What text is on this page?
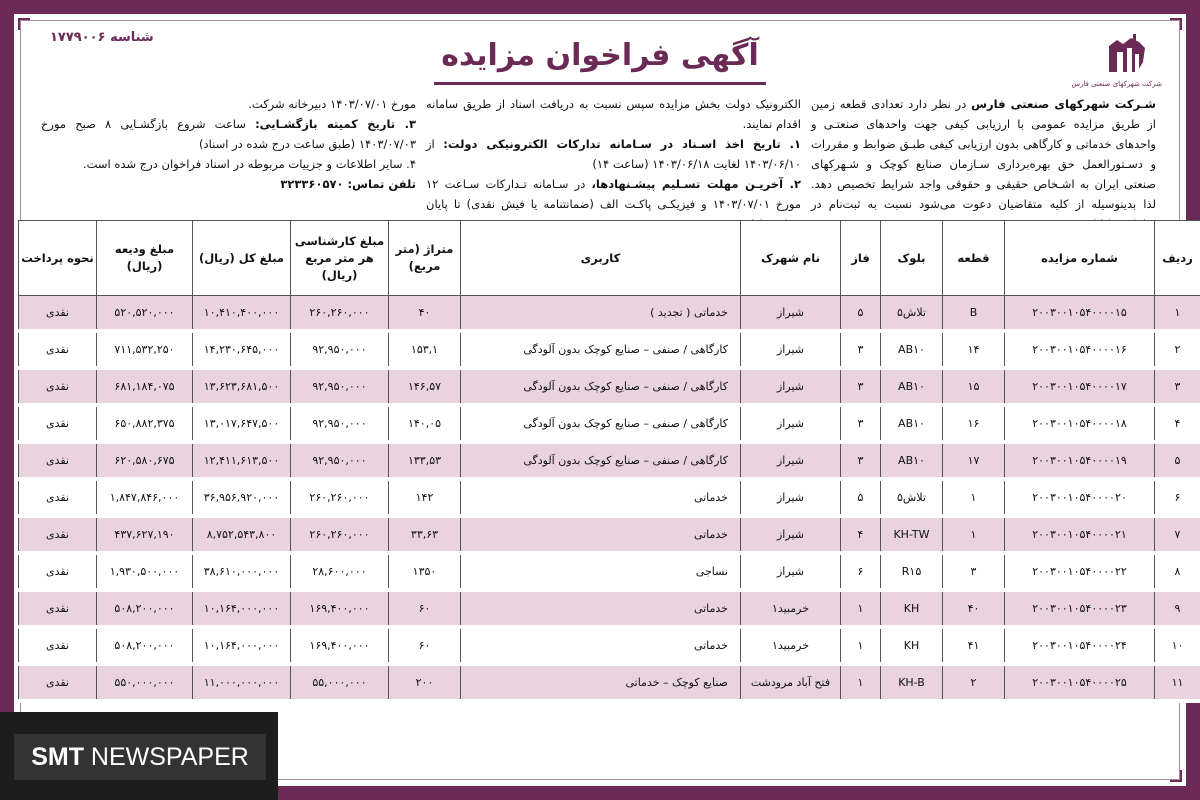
شرکت شهرکهای صنعتی فارس
شناسه ۱۷۷۹۰۰۶
آگهی فراخوان مزایده
شـرکت شهرکهای صنعتی فارس در نظر دارد تعدادی قطعه زمین از طریق مزایده عمومی با ارزیابی کیفی جهت واحدهای صنعتـی و واحدهای خدماتی و کارگاهی بدون ارزیابی کیفی طبـق ضوابط و مقررات و دسـتورالعمل حق بهره‌برداری سـازمان صنایع کوچک و شـهرکهای صنعتی ایران به اشـخاص حقیقی و حقوقی واجد شرایط تخصیص دهد. لذا بدینوسیله از کلیه متقاضیان دعوت می‌شود نسبت به ثبت‌نام در
الکترونیک دولت بخش مزایده سپس نسبت به دریافت اسناد از طریق سامانه اقدام نمایند.
۱. تاریخ اخذ اسـناد در سـامانه تدارکات الکترونیکی دولت: از ۱۴۰۳/۰۶/۱۰ لغایت ۱۴۰۳/۰۶/۱۸ (ساعت ۱۴)
۲. آخریـن مهلت تسـلیم پیشـنهادها، در سـامانه تـدارکات سـاعت ۱۲ مورخ ۱۴۰۳/۰۷/۰۱ و فیزیکـی پاکـت الف (ضمانتنامه یا فیش نقدی) تا پایان
مورخ ۱۴۰۳/۰۷/۰۱ دبیرخانه شرکت.
۳. تاریخ کمیته بازگشـایی: ساعت شروع بازگشـایی ۸ صبح مورخ ۱۴۰۳/۰۷/۰۳ (طبق ساعت درج شده در اسناد)
۴. سایر اطلاعات و جزییات مربوطه در اسناد فراخوان درج شده است.
تلفن تماس: ۳۲۳۳۶۰۵۷۰
ردیف	شماره مزایده	قطعه	بلوک	فاز	نام شهرک	کاربری	متراژ (متر مربع)	مبلغ کارشناسی هر متر مربع (ریال)	مبلغ کل (ریال)	مبلغ ودیعه (ریال)	نحوه پرداخت
۱	۲۰۰۳۰۰۱۰۵۴۰۰۰۰۱۵	B	تلاش۵	۵	شیراز	خدماتی ( تجدید )	۴۰	۲۶۰,۲۶۰,۰۰۰	۱۰,۴۱۰,۴۰۰,۰۰۰	۵۲۰,۵۲۰,۰۰۰	نقدی
۲	۲۰۰۳۰۰۱۰۵۴۰۰۰۰۱۶	۱۴	AB۱۰	۳	شیراز	کارگاهی / صنفی – صنایع کوچک بدون آلودگی	۱۵۳,۱	۹۲,۹۵۰,۰۰۰	۱۴,۲۳۰,۶۴۵,۰۰۰	۷۱۱,۵۳۲,۲۵۰	نقدی
۳	۲۰۰۳۰۰۱۰۵۴۰۰۰۰۱۷	۱۵	AB۱۰	۳	شیراز	کارگاهی / صنفی – صنایع کوچک بدون آلودگی	۱۴۶,۵۷	۹۲,۹۵۰,۰۰۰	۱۳,۶۲۳,۶۸۱,۵۰۰	۶۸۱,۱۸۴,۰۷۵	نقدی
۴	۲۰۰۳۰۰۱۰۵۴۰۰۰۰۱۸	۱۶	AB۱۰	۳	شیراز	کارگاهی / صنفی – صنایع کوچک بدون آلودگی	۱۴۰,۰۵	۹۲,۹۵۰,۰۰۰	۱۳,۰۱۷,۶۴۷,۵۰۰	۶۵۰,۸۸۲,۳۷۵	نقدی
۵	۲۰۰۳۰۰۱۰۵۴۰۰۰۰۱۹	۱۷	AB۱۰	۳	شیراز	کارگاهی / صنفی – صنایع کوچک بدون آلودگی	۱۳۳,۵۳	۹۲,۹۵۰,۰۰۰	۱۲,۴۱۱,۶۱۳,۵۰۰	۶۲۰,۵۸۰,۶۷۵	نقدی
۶	۲۰۰۳۰۰۱۰۵۴۰۰۰۰۲۰	۱	تلاش۵	۵	شیراز	خدماتی	۱۴۲	۲۶۰,۲۶۰,۰۰۰	۳۶,۹۵۶,۹۲۰,۰۰۰	۱,۸۴۷,۸۴۶,۰۰۰	نقدی
۷	۲۰۰۳۰۰۱۰۵۴۰۰۰۰۲۱	۱	KH-TW	۴	شیراز	خدماتی	۳۳,۶۳	۲۶۰,۲۶۰,۰۰۰	۸,۷۵۲,۵۴۳,۸۰۰	۴۳۷,۶۲۷,۱۹۰	نقدی
۸	۲۰۰۳۰۰۱۰۵۴۰۰۰۰۲۲	۳	R۱۵	۶	شیراز	نساجی	۱۳۵۰	۲۸,۶۰۰,۰۰۰	۳۸,۶۱۰,۰۰۰,۰۰۰	۱,۹۳۰,۵۰۰,۰۰۰	نقدی
۹	۲۰۰۳۰۰۱۰۵۴۰۰۰۰۲۳	۴۰	KH	۱	خرمبید۱	خدماتی	۶۰	۱۶۹,۴۰۰,۰۰۰	۱۰,۱۶۴,۰۰۰,۰۰۰	۵۰۸,۲۰۰,۰۰۰	نقدی
۱۰	۲۰۰۳۰۰۱۰۵۴۰۰۰۰۲۴	۴۱	KH	۱	خرمبید۱	خدماتی	۶۰	۱۶۹,۴۰۰,۰۰۰	۱۰,۱۶۴,۰۰۰,۰۰۰	۵۰۸,۲۰۰,۰۰۰	نقدی
۱۱	۲۰۰۳۰۰۱۰۵۴۰۰۰۰۲۵	۲	KH-B	۱	فتح آباد مرودشت	صنایع کوچک – خدماتی	۲۰۰	۵۵,۰۰۰,۰۰۰	۱۱,۰۰۰,۰۰۰,۰۰۰	۵۵۰,۰۰۰,۰۰۰	نقدی
SMT NEWSPAPER
